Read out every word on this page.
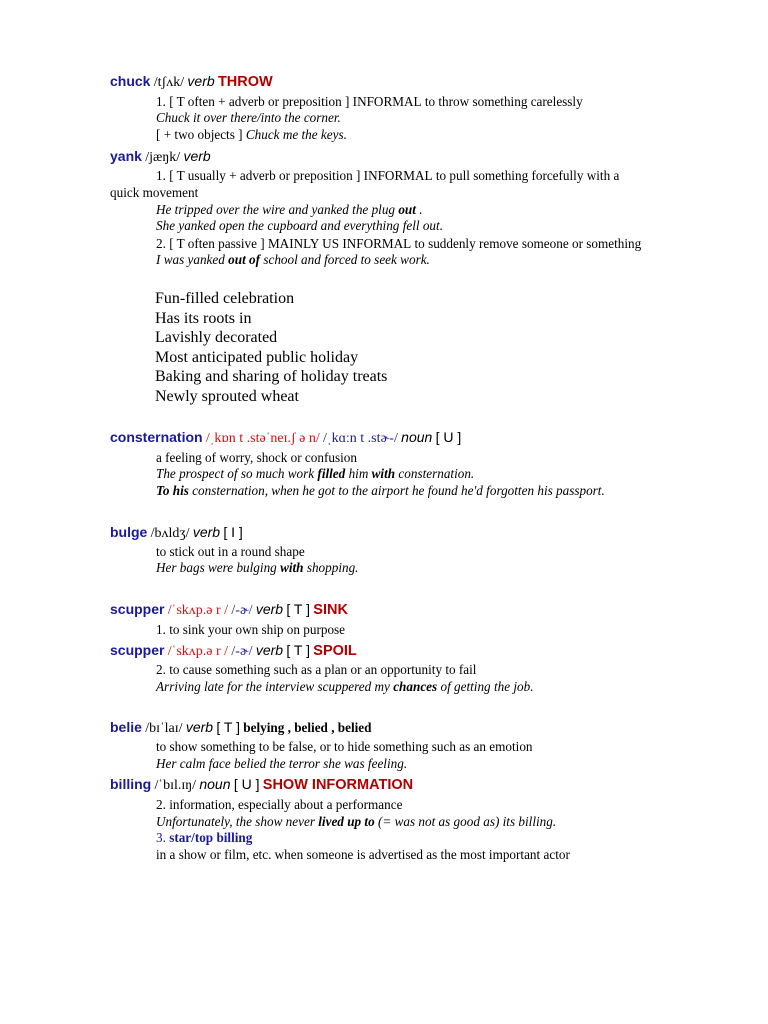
chuck /tʃʌk/ verb THROW
1. [ T often + adverb or preposition ] INFORMAL to throw something carelessly
Chuck it over there/into the corner.
[ + two objects ] Chuck me the keys.
yank /jæŋk/ verb
1. [ T usually + adverb or preposition ] INFORMAL to pull something forcefully with a
quick movement
He tripped over the wire and yanked the plug out .
She yanked open the cupboard and everything fell out.
2. [ T often passive ] MAINLY US INFORMAL to suddenly remove someone or something
I was yanked out of school and forced to seek work.
Fun-filled celebration
Has its roots in
Lavishly decorated
Most anticipated public holiday
Baking and sharing of holiday treats
Newly sprouted wheat
consternation /ˌkɒn t .stəˈneɪ.ʃ ə n/ /ˌkɑːn t .stɚ-/ noun [ U ]
a feeling of worry, shock or confusion
The prospect of so much work filled him with consternation.
To his consternation, when he got to the airport he found he'd forgotten his passport.
bulge /bʌldʒ/ verb [ I ]
to stick out in a round shape
Her bags were bulging with shopping.
scupper /ˈskʌp.ə r / /-ɚ/ verb [ T ] SINK
1. to sink your own ship on purpose
scupper /ˈskʌp.ə r / /-ɚ/ verb [ T ] SPOIL
2. to cause something such as a plan or an opportunity to fail
Arriving late for the interview scuppered my chances of getting the job.
belie /bɪˈlaɪ/ verb [ T ] belying , belied , belied
to show something to be false, or to hide something such as an emotion
Her calm face belied the terror she was feeling.
billing /ˈbɪl.ɪŋ/ noun [ U ] SHOW INFORMATION
2. information, especially about a performance
Unfortunately, the show never lived up to (= was not as good as) its billing.
3. star/top billing
in a show or film, etc. when someone is advertised as the most important actor
